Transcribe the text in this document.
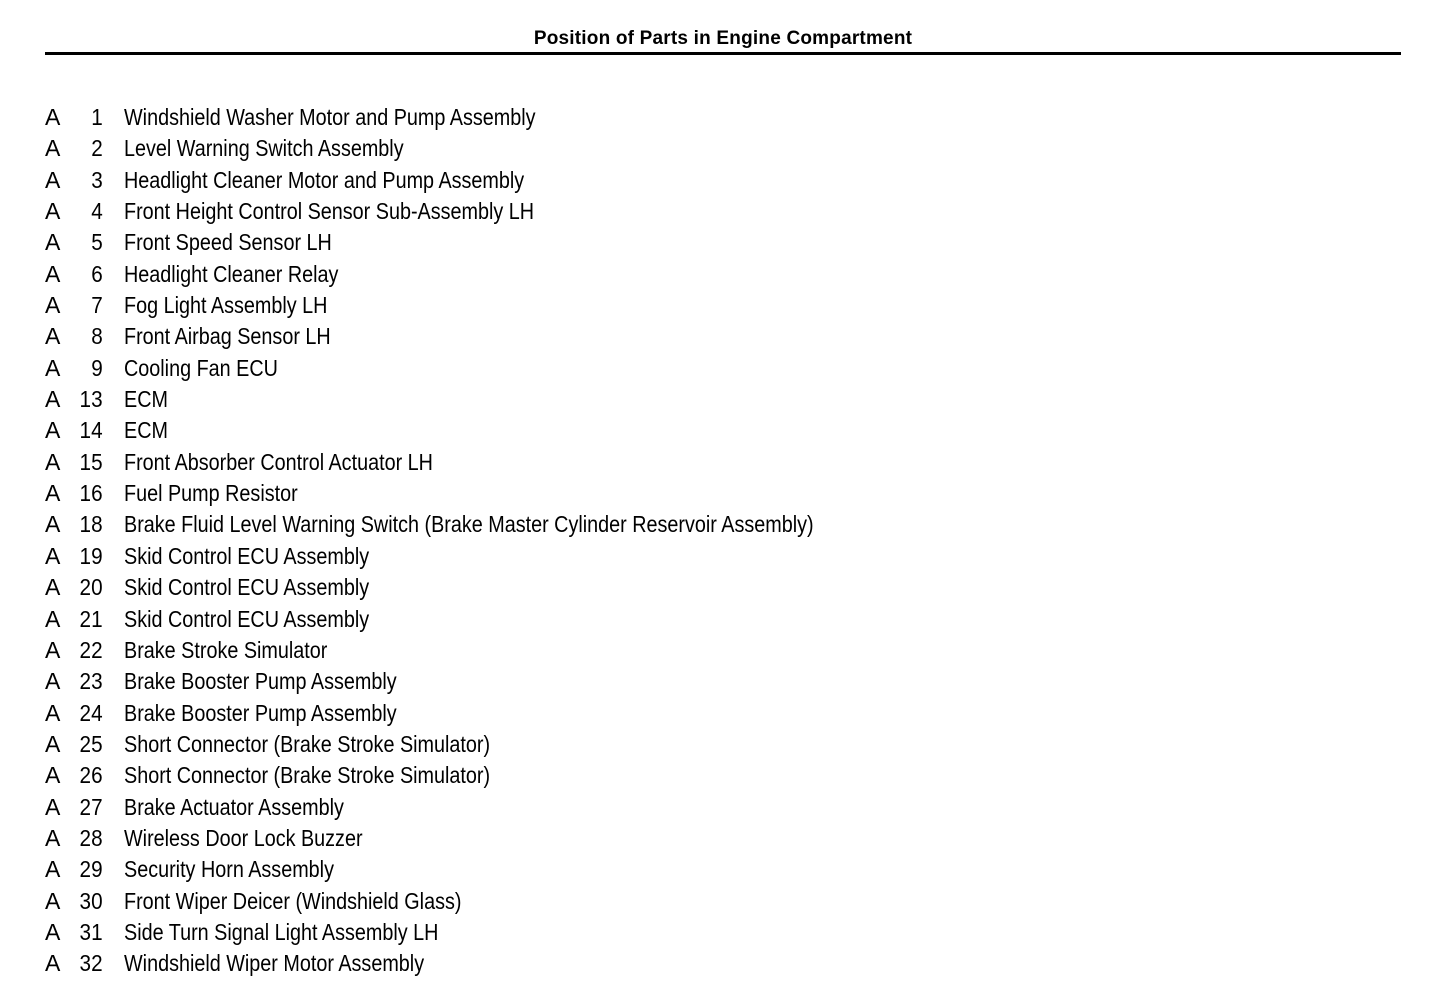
Position of Parts in Engine Compartment
A	1 Windshield Washer Motor and Pump Assembly
A	2 Level Warning Switch Assembly
A	3 Headlight Cleaner Motor and Pump Assembly
A	4 Front Height Control Sensor Sub-Assembly LH
A	5 Front Speed Sensor LH
A	6 Headlight Cleaner Relay
A	7 Fog Light Assembly LH
A	8 Front Airbag Sensor LH
A	9 Cooling Fan ECU
A 13 ECM
A 14 ECM
A 15 Front Absorber Control Actuator LH
A 16 Fuel Pump Resistor
A 18 Brake Fluid Level Warning Switch (Brake Master Cylinder Reservoir Assembly)
A 19 Skid Control ECU Assembly
A 20 Skid Control ECU Assembly
A 21 Skid Control ECU Assembly
A 22 Brake Stroke Simulator
A 23 Brake Booster Pump Assembly
A 24 Brake Booster Pump Assembly
A 25 Short Connector (Brake Stroke Simulator)
A 26 Short Connector (Brake Stroke Simulator)
A 27 Brake Actuator Assembly
A 28 Wireless Door Lock Buzzer
A 29 Security Horn Assembly
A 30 Front Wiper Deicer (Windshield Glass)
A 31 Side Turn Signal Light Assembly LH
A 32 Windshield Wiper Motor Assembly
